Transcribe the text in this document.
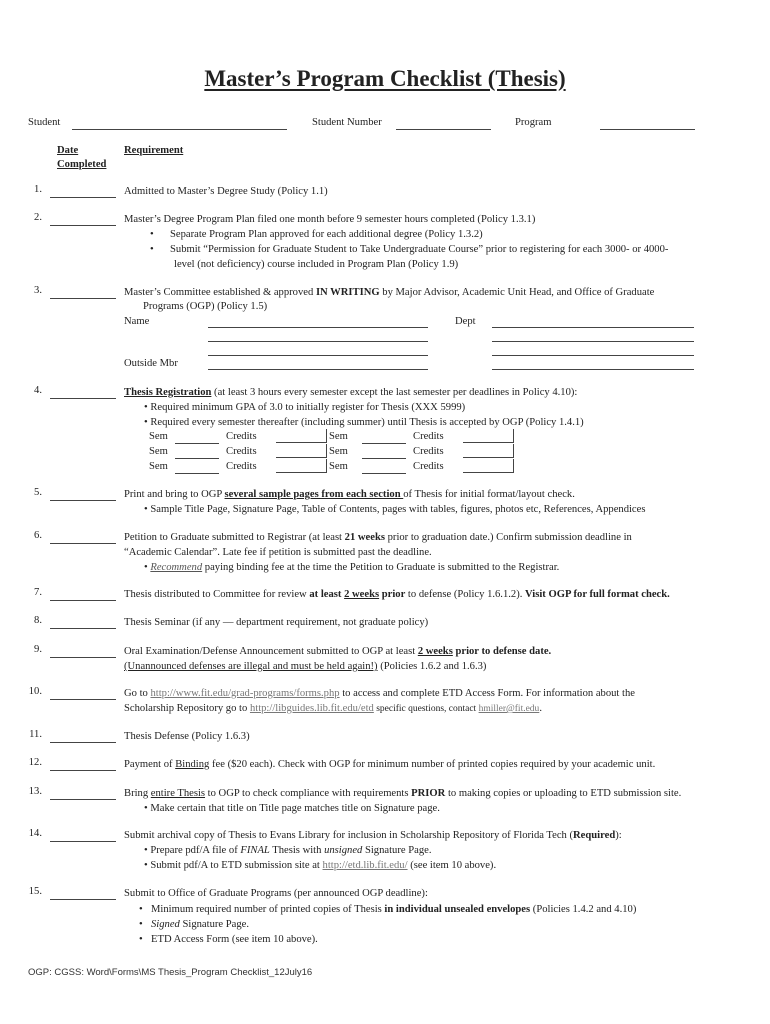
Master’s Program Checklist (Thesis)
Student	Student Number	Program
Date
Completed
Requirement
1.	Admitted to Master’s Degree Study (Policy 1.1)
2.	Master’s Degree Program Plan filed one month before 9 semester hours completed (Policy 1.3.1)
• Separate Program Plan approved for each additional degree (Policy 1.3.2)
• Submit “Permission for Graduate Student to Take Undergraduate Course” prior to registering for each 3000- or 4000-
level (not deficiency) course included in Program Plan (Policy 1.9)
3.	Master’s Committee established & approved IN WRITING by Major Advisor, Academic Unit Head, and Office of Graduate
Programs (OGP) (Policy 1.5)
Name	Dept
Outside Mbr
4.	Thesis Registration (at least 3 hours every semester except the last semester per deadlines in Policy 4.10):
• Required minimum GPA of 3.0 to initially register for Thesis (XXX 5999)
• Required every semester thereafter (including summer) until Thesis is accepted by OGP (Policy 1.4.1)
Sem	Credits	Sem	Credits
Sem	Credits	Sem	Credits
Sem	Credits	Sem	Credits
5.	Print and bring to OGP several sample pages from each section of Thesis for initial format/layout check.
• Sample Title Page, Signature Page, Table of Contents, pages with tables, figures, photos etc, References, Appendices
6.	Petition to Graduate submitted to Registrar (at least 21 weeks prior to graduation date.) Confirm submission deadline in
“Academic Calendar”. Late fee if petition is submitted past the deadline.
• Recommend paying binding fee at the time the Petition to Graduate is submitted to the Registrar.
7.	Thesis distributed to Committee for review at least 2 weeks prior to defense (Policy 1.6.1.2). Visit OGP for full format check.
8.	Thesis Seminar (if any — department requirement, not graduate policy)
9.	Oral Examination/Defense Announcement submitted to OGP at least 2 weeks prior to defense date.
(Unannounced defenses are illegal and must be held again!) (Policies 1.6.2 and 1.6.3)
10.	Go to http://www.fit.edu/grad-programs/forms.php to access and complete ETD Access Form. For information about the
Scholarship Repository go to http://libguides.lib.fit.edu/etd specific questions, contact hmiller@fit.edu.
11.	Thesis Defense (Policy 1.6.3)
12.	Payment of Binding fee ($20 each). Check with OGP for minimum number of printed copies required by your academic unit.
13.	Bring entire Thesis to OGP to check compliance with requirements PRIOR to making copies or uploading to ETD submission site.
• Make certain that title on Title page matches title on Signature page.
14.	Submit archival copy of Thesis to Evans Library for inclusion in Scholarship Repository of Florida Tech (Required):
• Prepare pdf/A file of FINAL Thesis with unsigned Signature Page.
• Submit pdf/A to ETD submission site at http://etd.lib.fit.edu/ (see item 10 above).
15.	Submit to Office of Graduate Programs (per announced OGP deadline):
• Minimum required number of printed copies of Thesis in individual unsealed envelopes (Policies 1.4.2 and 4.10)
• Signed Signature Page.
• ETD Access Form (see item 10 above).
OGP: CGSS: Word\Forms\MS Thesis_Program Checklist_12July16
